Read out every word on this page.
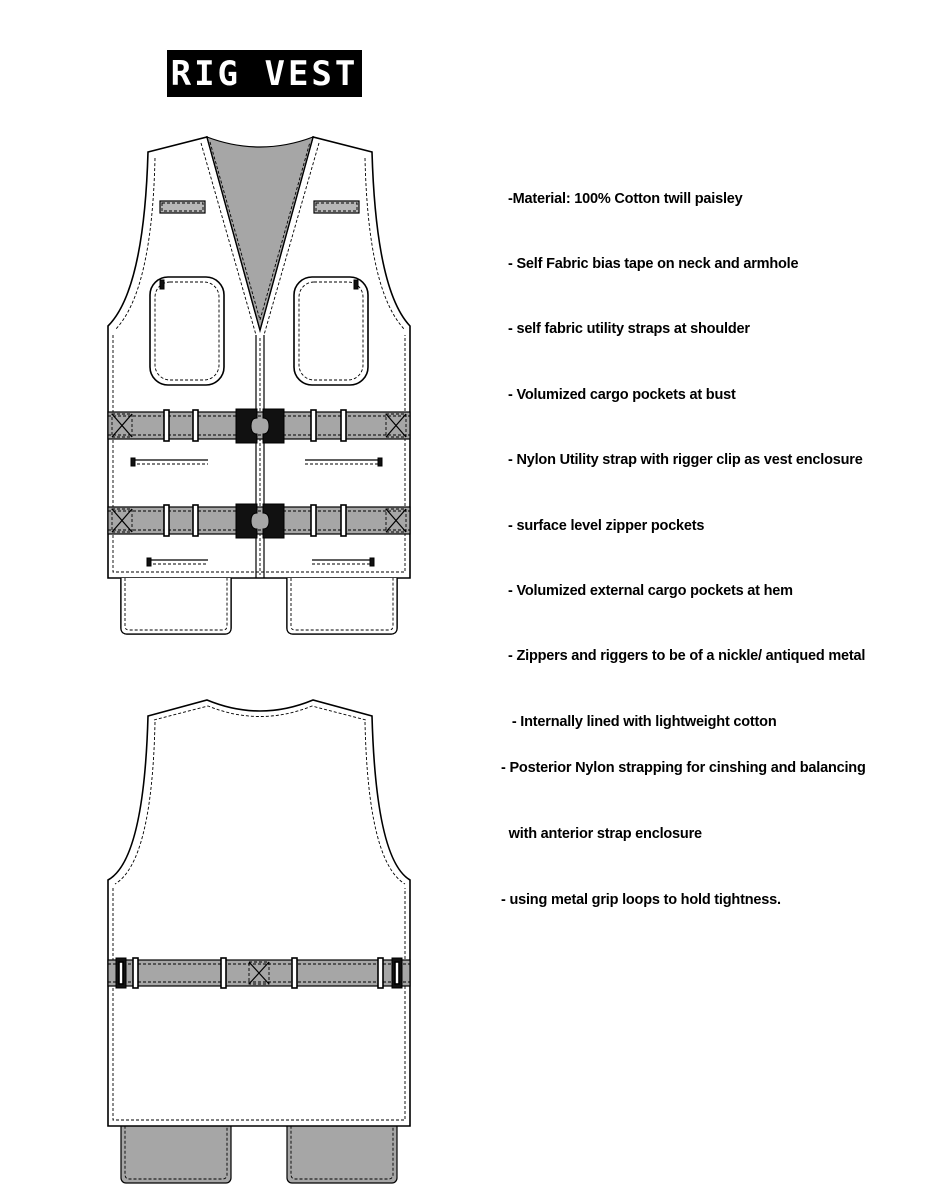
RIG VEST

-Material: 100% Cotton twill paisley

- Self Fabric bias tape on neck and armhole

- self fabric utility straps at shoulder

- Volumized cargo pockets at bust

- Nylon Utility strap with rigger clip as vest enclosure

- surface level zipper pockets

- Volumized external cargo pockets at hem

- Zippers and riggers to be of a nickle/ antiqued metal

- Internally lined with lightweight cotton

- Posterior Nylon strapping for cinshing and balancing

with anterior strap enclosure

- using metal grip loops to hold tightness.
